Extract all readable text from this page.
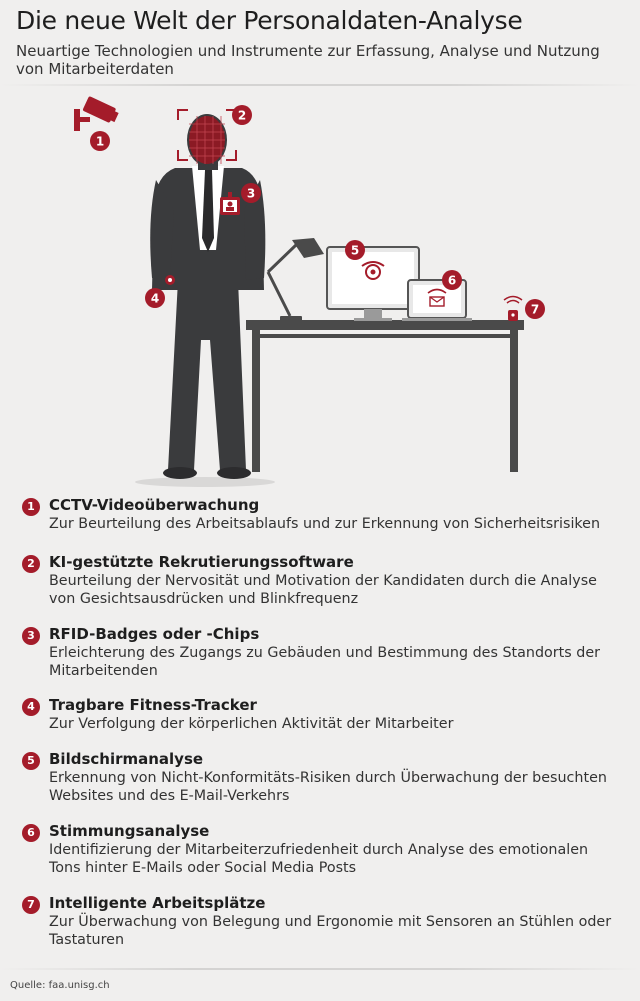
Die neue Welt der Personaldaten-Analyse
Neuartige Technologien und Instrumente zur Erfassung, Analyse und Nutzung von Mitarbeiterdaten
1
2
3
4
5
6
7
1 CCTV-Videoüberwachung
Zur Beurteilung des Arbeitsablaufs und zur Erkennung von Sicherheitsrisiken
2 KI-gestützte Rekrutierungssoftware
Beurteilung der Nervosität und Motivation der Kandidaten durch die Analyse von Gesichtsausdrücken und Blinkfrequenz
3 RFID-Badges oder -Chips
Erleichterung des Zugangs zu Gebäuden und Bestimmung des Standorts der Mitarbeitenden
4 Tragbare Fitness-Tracker
Zur Verfolgung der körperlichen Aktivität der Mitarbeiter
5 Bildschirmanalyse
Erkennung von Nicht-Konformitäts-Risiken durch Überwachung der besuchten Websites und des E-Mail-Verkehrs
6 Stimmungsanalyse
Identifizierung der Mitarbeiterzufriedenheit durch Analyse des emotionalen Tons hinter E-Mails oder Social Media Posts
7 Intelligente Arbeitsplätze
Zur Überwachung von Belegung und Ergonomie mit Sensoren an Stühlen oder Tastaturen
Quelle: faa.unisg.ch
